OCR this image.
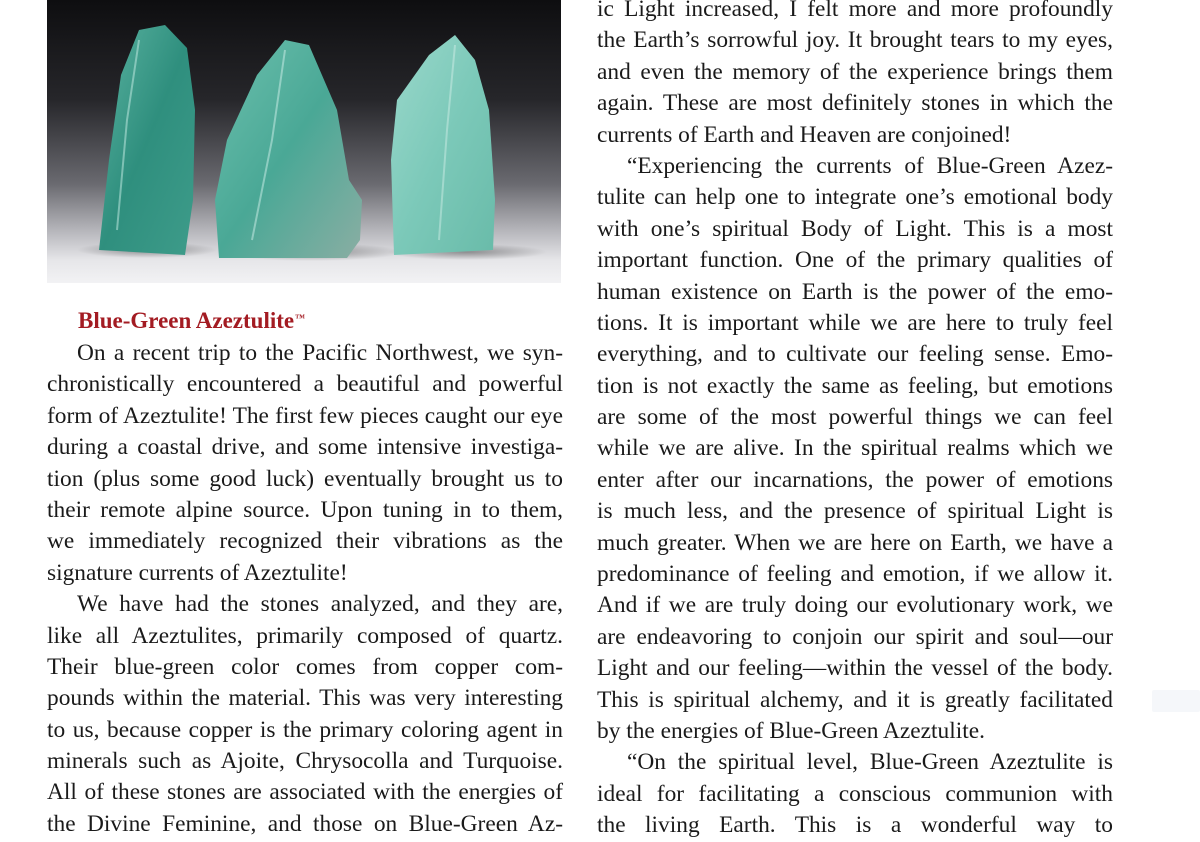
Blue-Green Azeztulite™
On a recent trip to the Pacific Northwest, we syn-
chronistically encountered a beautiful and powerful
form of Azeztulite! The first few pieces caught our eye
during a coastal drive, and some intensive investiga-
tion (plus some good luck) eventually brought us to
their remote alpine source. Upon tuning in to them,
we immediately recognized their vibrations as the
signature currents of Azeztulite!
We have had the stones analyzed, and they are,
like all Azeztulites, primarily composed of quartz.
Their blue-green color comes from copper com-
pounds within the material. This was very interesting
to us, because copper is the primary coloring agent in
minerals such as Ajoite, Chrysocolla and Turquoise.
All of these stones are associated with the energies of
the Divine Feminine, and those on Blue-Green Az-
ic Light increased, I felt more and more profoundly
the Earth’s sorrowful joy. It brought tears to my eyes,
and even the memory of the experience brings them
again. These are most definitely stones in which the
currents of Earth and Heaven are conjoined!
“Experiencing the currents of Blue-Green Azez-
tulite can help one to integrate one’s emotional body
with one’s spiritual Body of Light. This is a most
important function. One of the primary qualities of
human existence on Earth is the power of the emo-
tions. It is important while we are here to truly feel
everything, and to cultivate our feeling sense. Emo-
tion is not exactly the same as feeling, but emotions
are some of the most powerful things we can feel
while we are alive. In the spiritual realms which we
enter after our incarnations, the power of emotions
is much less, and the presence of spiritual Light is
much greater. When we are here on Earth, we have a
predominance of feeling and emotion, if we allow it.
And if we are truly doing our evolutionary work, we
are endeavoring to conjoin our spirit and soul—our
Light and our feeling—within the vessel of the body.
This is spiritual alchemy, and it is greatly facilitated
by the energies of Blue-Green Azeztulite.
“On the spiritual level, Blue-Green Azeztulite is
ideal for facilitating a conscious communion with
the living Earth. This is a wonderful way to
